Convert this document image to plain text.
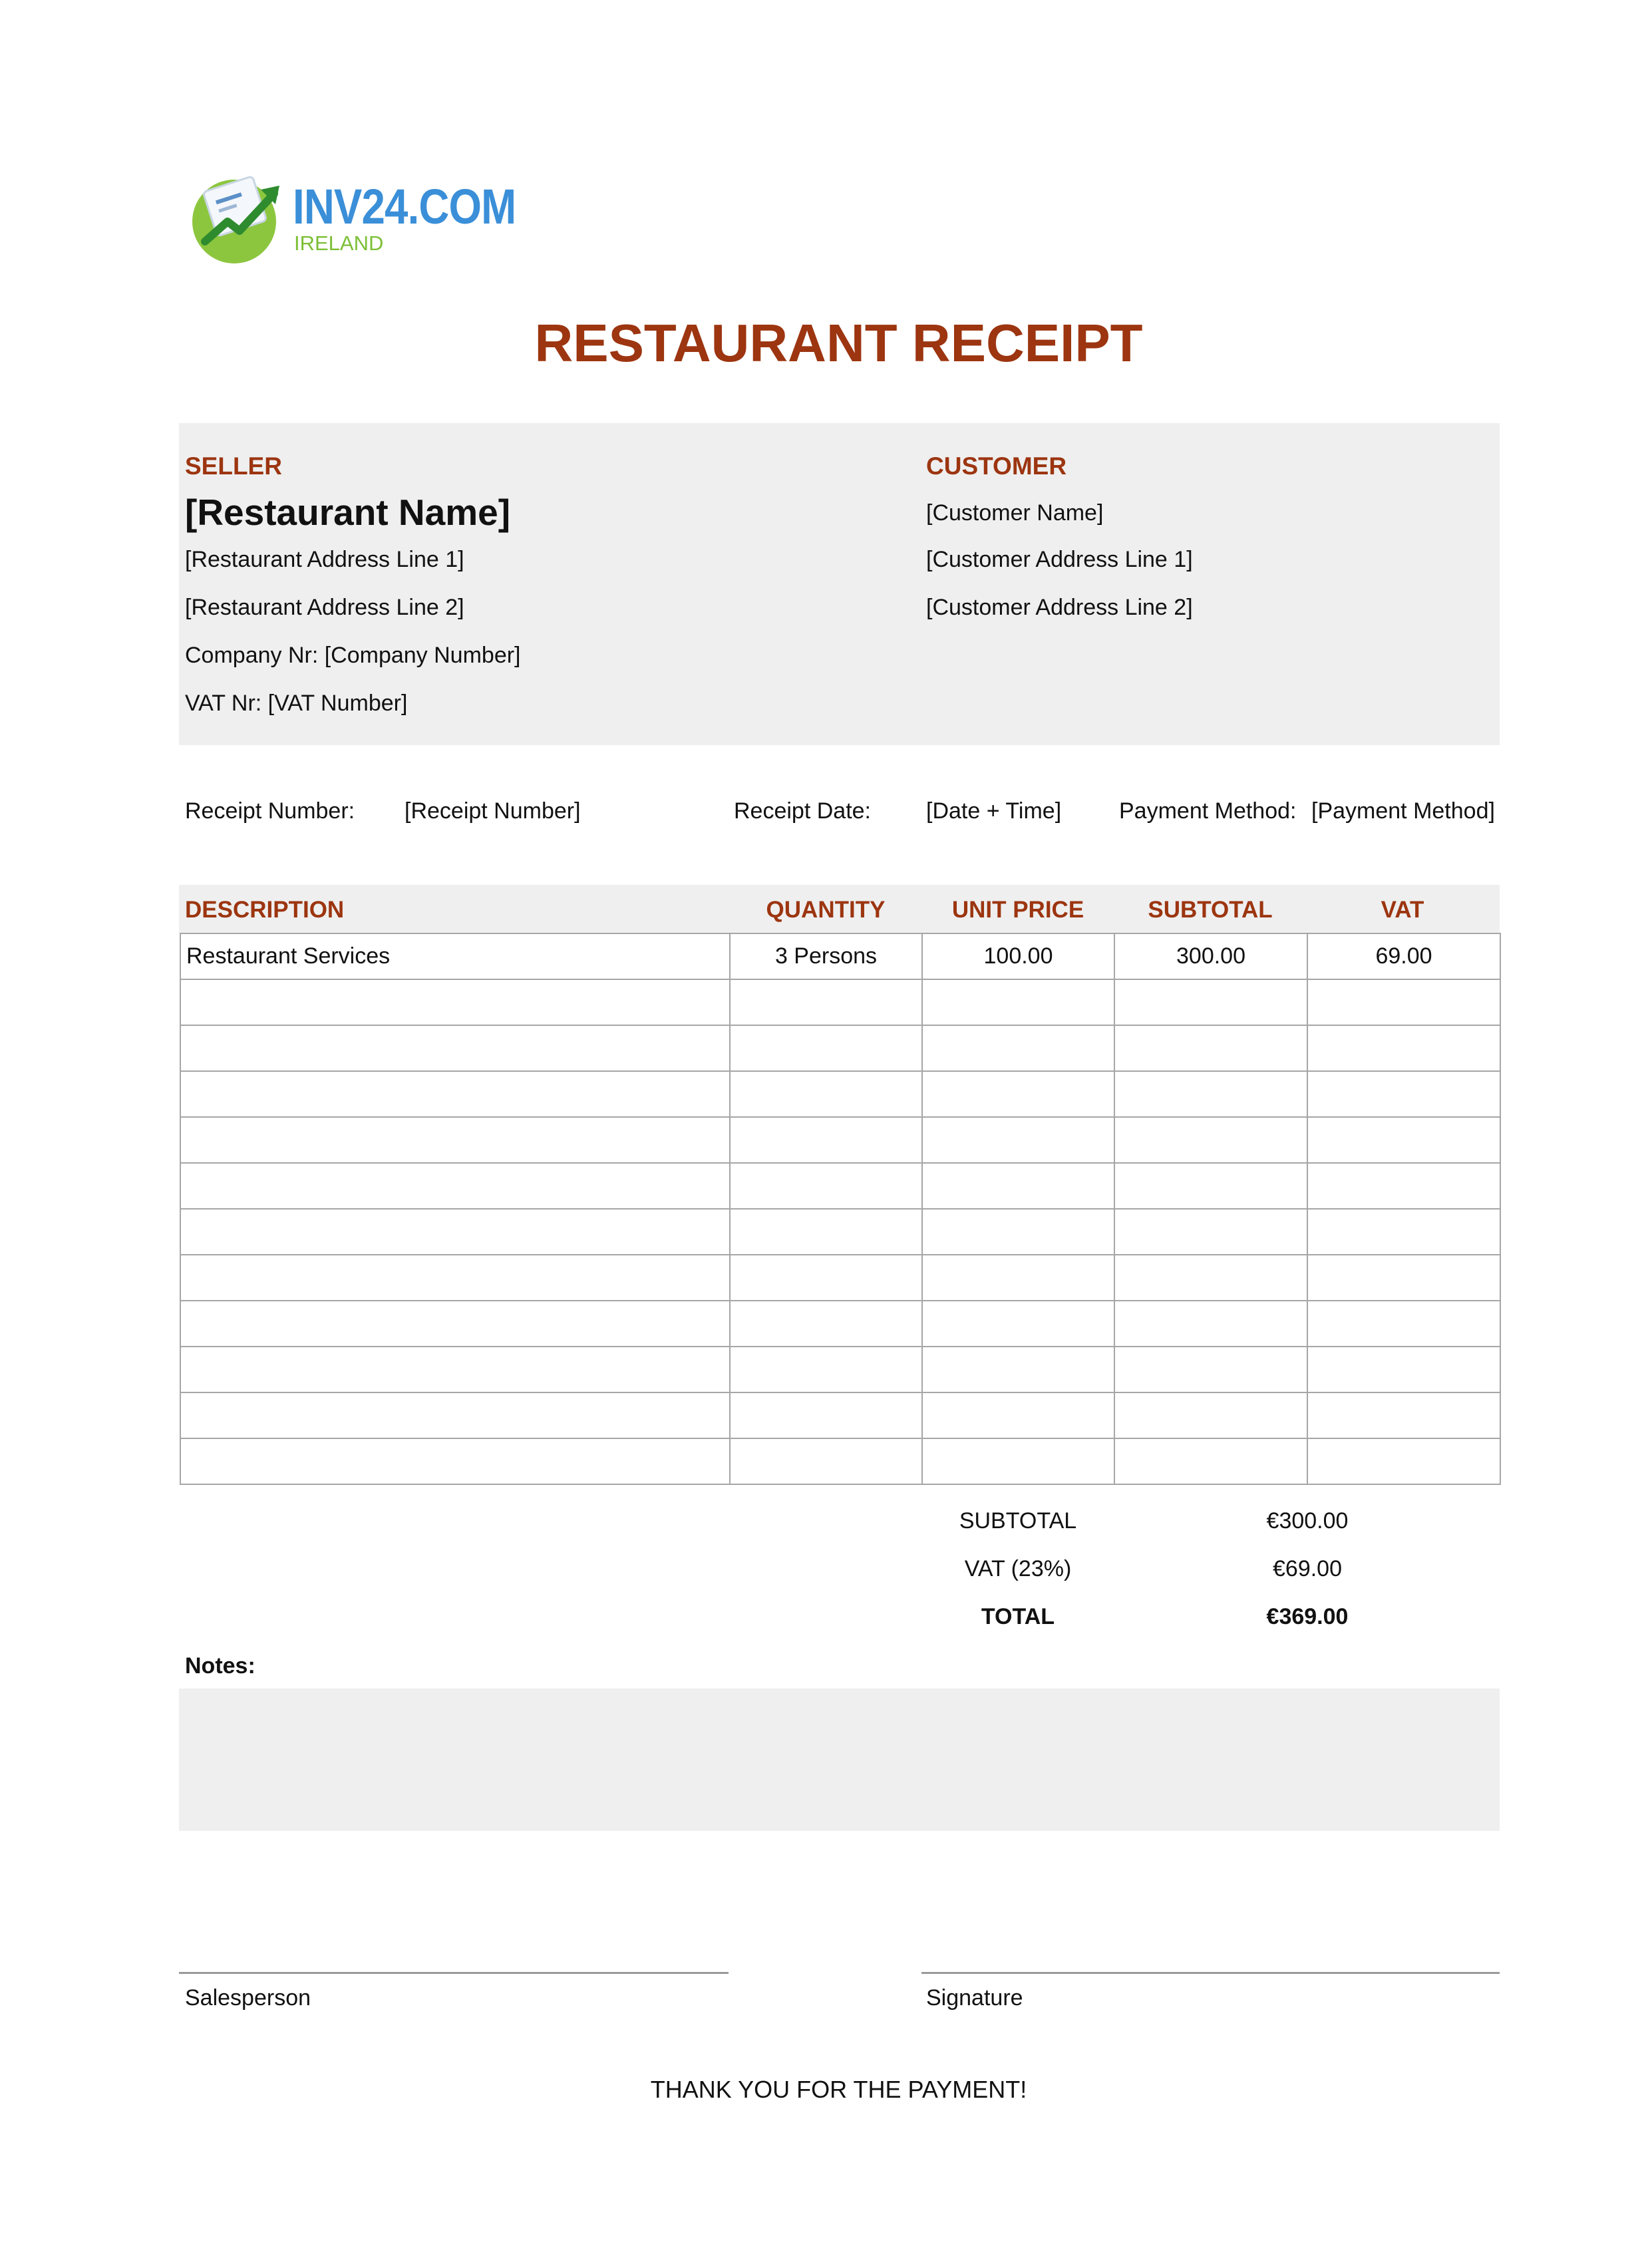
INV24.COM
IRELAND
RESTAURANT RECEIPT
SELLER
[Restaurant Name]
[Restaurant Address Line 1]
[Restaurant Address Line 2]
Company Nr: [Company Number]
VAT Nr: [VAT Number]
CUSTOMER
[Customer Name]
[Customer Address Line 1]
[Customer Address Line 2]
Receipt Number: [Receipt Number]	Receipt Date: [Date + Time]	Payment Method: [Payment Method]
DESCRIPTION	QUANTITY	UNIT PRICE	SUBTOTAL	VAT
Restaurant Services	3 Persons	100.00	300.00	69.00

SUBTOTAL	€300.00
VAT (23%)	€69.00
TOTAL	€369.00
Notes:
Salesperson	Signature
THANK YOU FOR THE PAYMENT!
